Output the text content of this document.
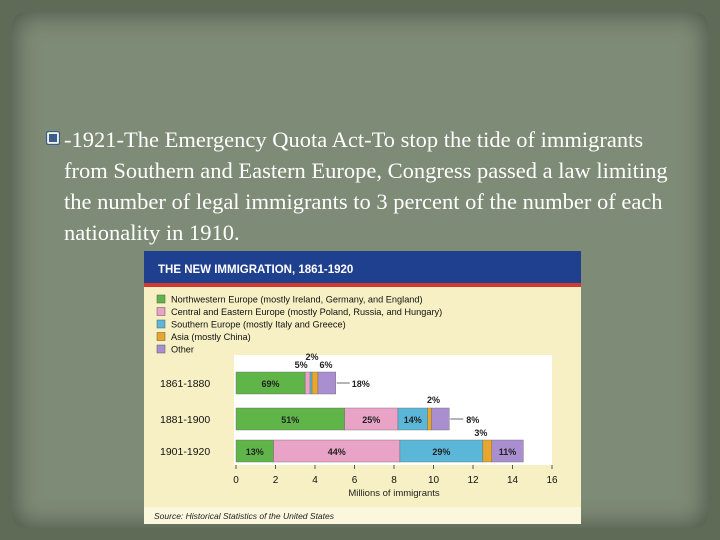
-1921-The Emergency Quota Act-To stop the tide of immigrants from Southern and Eastern Europe, Congress passed a law limiting the number of legal immigrants to 3 percent of the number of each nationality in 1910.
THE NEW IMMIGRATION, 1861-1920
Northwestern Europe (mostly Ireland, Germany, and England)
Central and Eastern Europe (mostly Poland, Russia, and Hungary)
Southern Europe (mostly Italy and Greece)
Asia (mostly China)
Other
1861-1880
1881-1900
1901-1920
0	2	4	6	8	10	12	14	16
69%
5%
2%
6%
18%
51%	25%	14%
2%
8%
13%	44%	29%
3%
11%
Millions of immigrants
Source: Historical Statistics of the United States
